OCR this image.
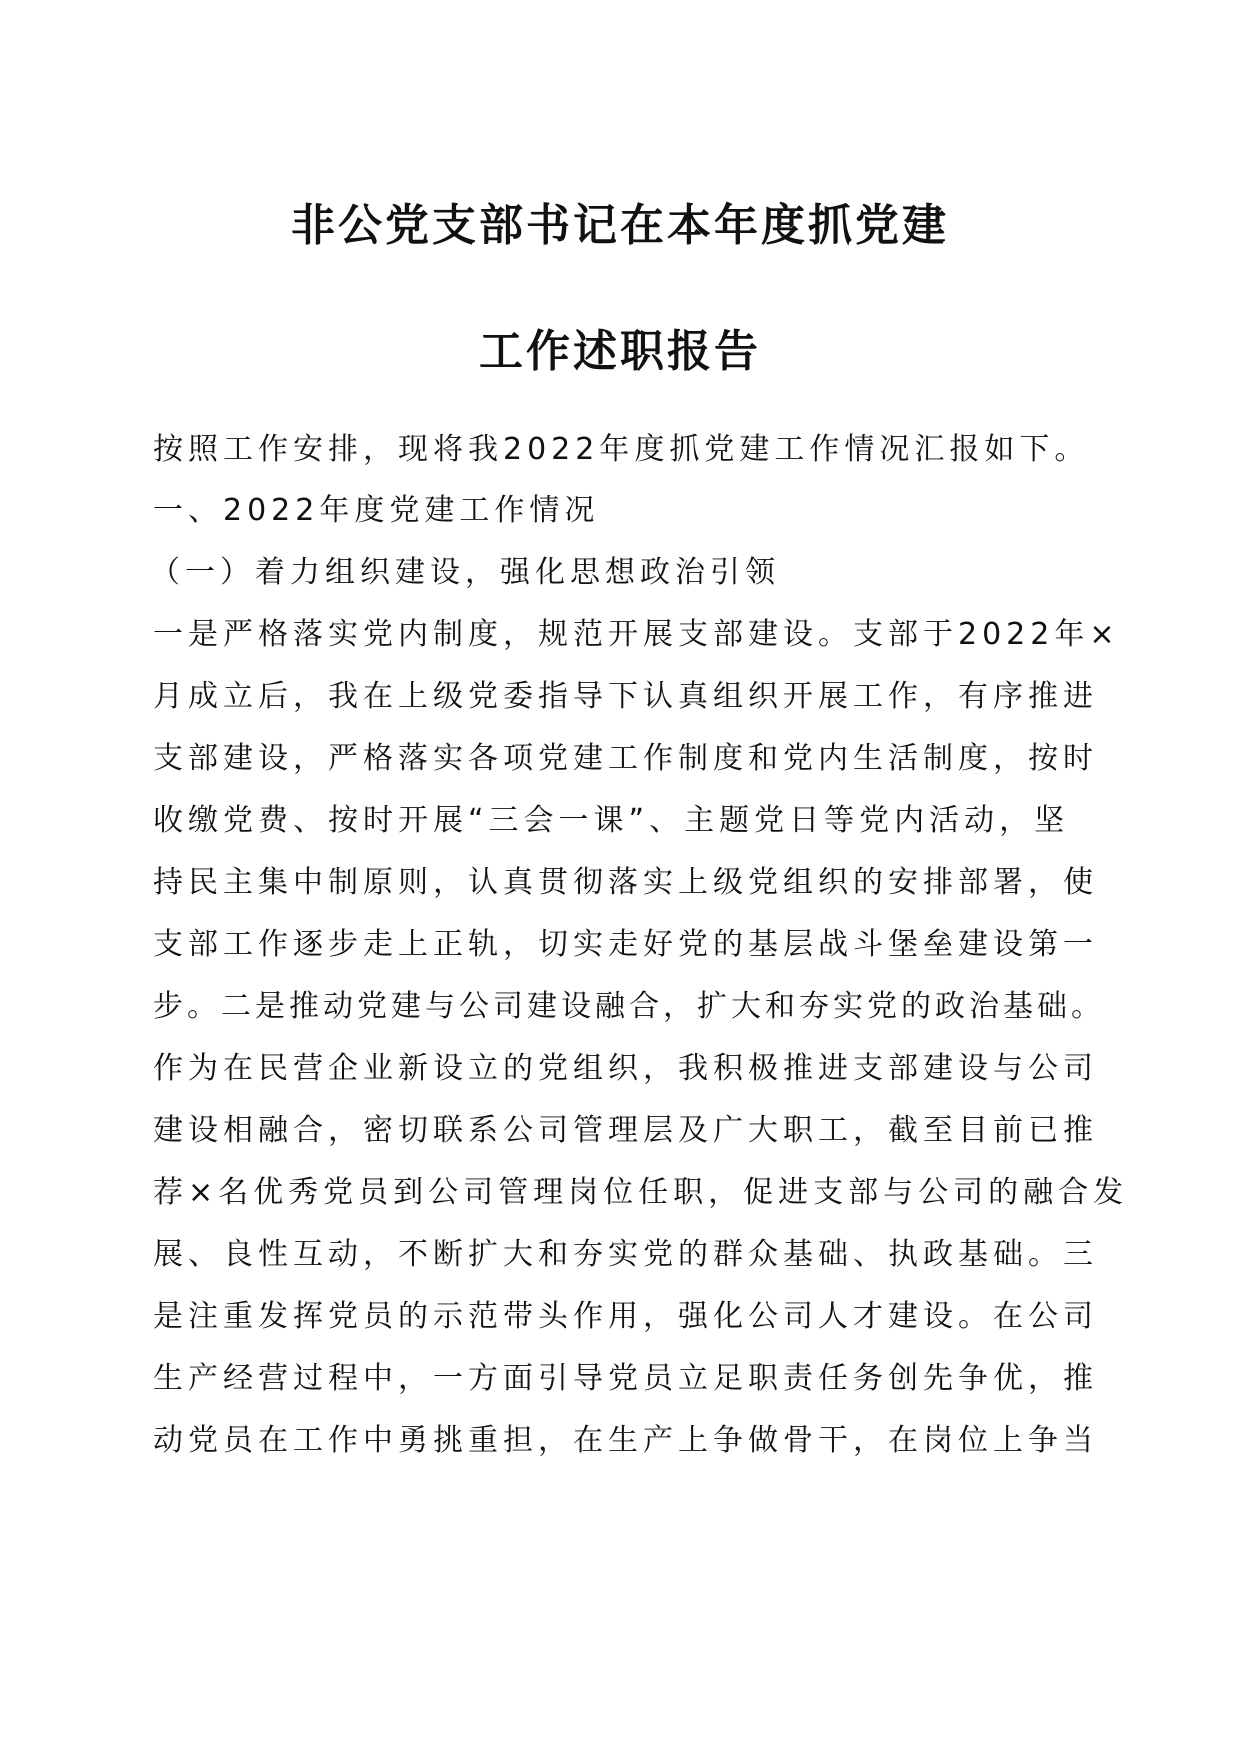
非公党支部书记在本年度抓党建
工作述职报告
按照工作安排，现将我2022年度抓党建工作情况汇报如下。
一、2022年度党建工作情况
（一）着力组织建设，强化思想政治引领
一是严格落实党内制度，规范开展支部建设。支部于2022年×
月成立后，我在上级党委指导下认真组织开展工作，有序推进
支部建设，严格落实各项党建工作制度和党内生活制度，按时
收缴党费、按时开展“三会一课”、主题党日等党内活动，坚
持民主集中制原则，认真贯彻落实上级党组织的安排部署，使
支部工作逐步走上正轨，切实走好党的基层战斗堡垒建设第一
步。二是推动党建与公司建设融合，扩大和夯实党的政治基础。
作为在民营企业新设立的党组织，我积极推进支部建设与公司
建设相融合，密切联系公司管理层及广大职工，截至目前已推
荐×名优秀党员到公司管理岗位任职，促进支部与公司的融合发
展、良性互动，不断扩大和夯实党的群众基础、执政基础。三
是注重发挥党员的示范带头作用，强化公司人才建设。在公司
生产经营过程中，一方面引导党员立足职责任务创先争优，推
动党员在工作中勇挑重担，在生产上争做骨干，在岗位上争当
